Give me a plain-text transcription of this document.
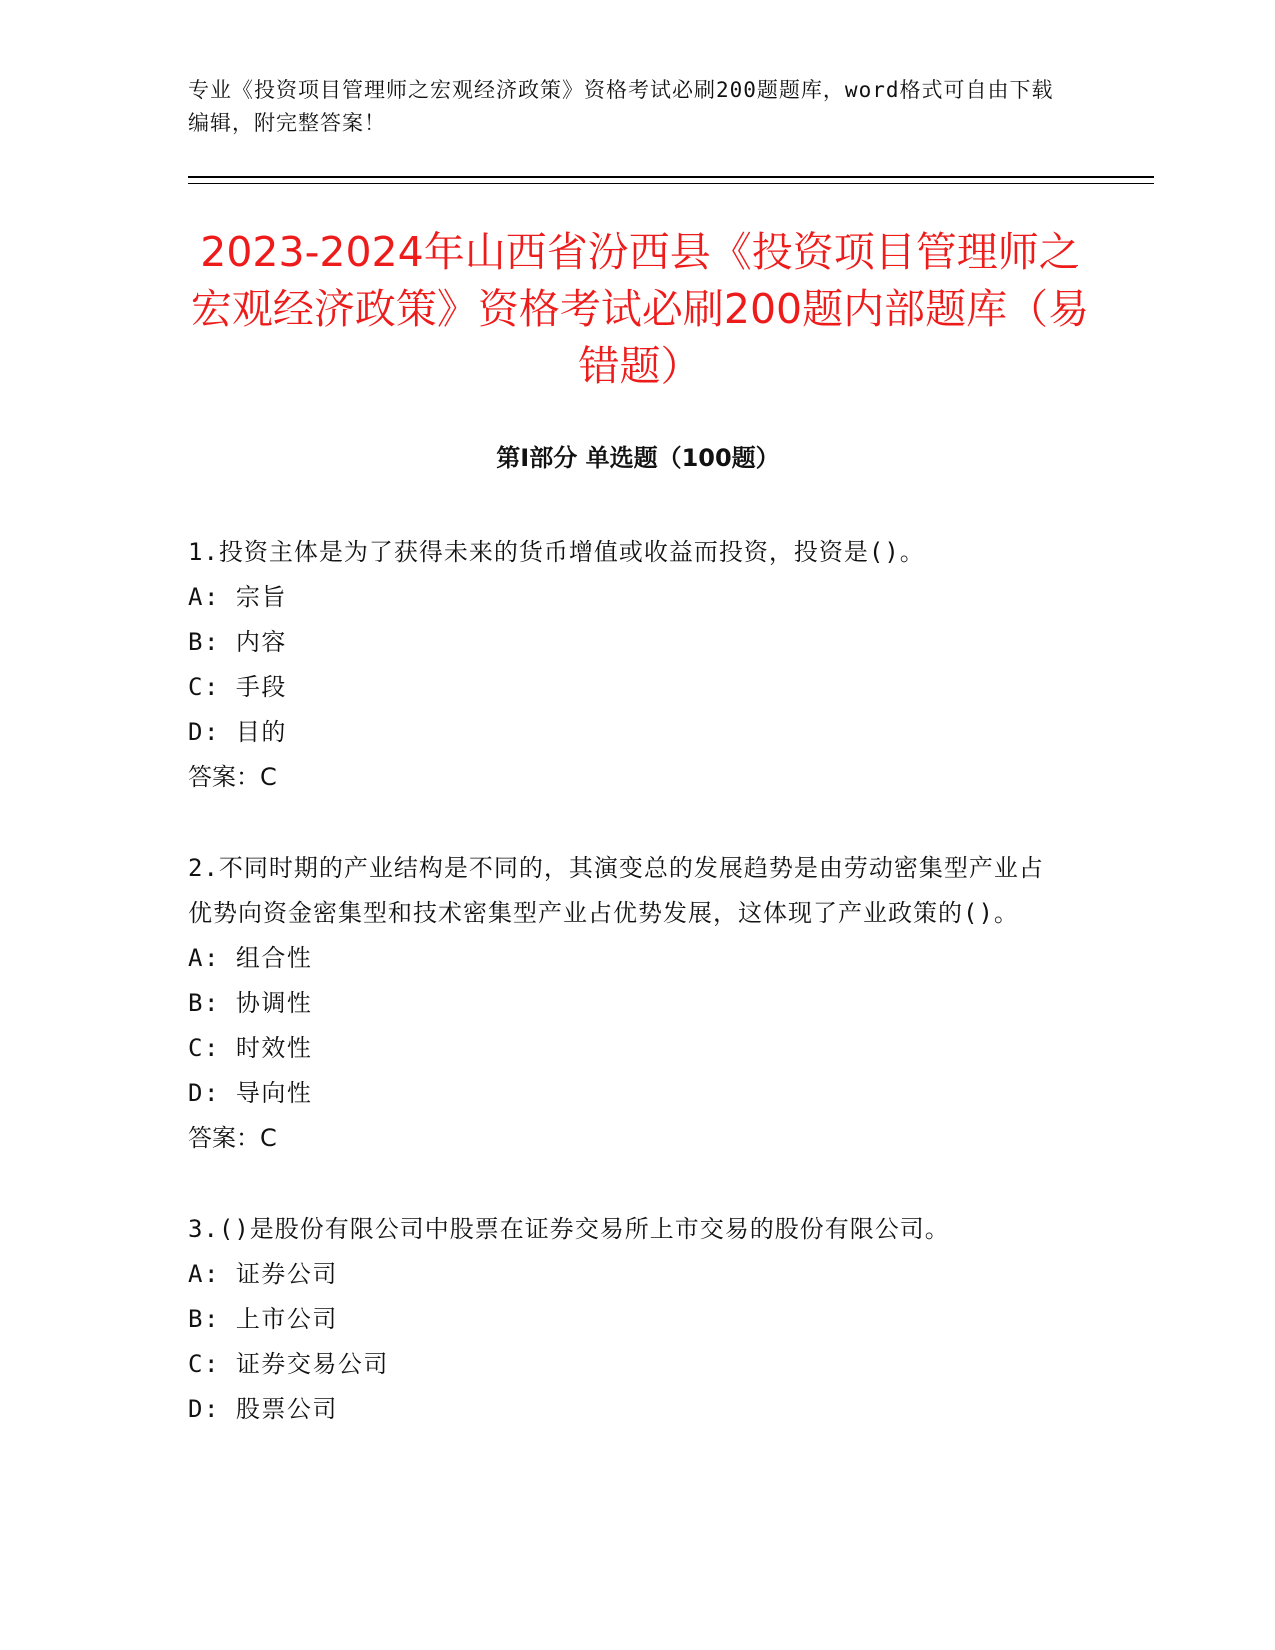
专业《投资项目管理师之宏观经济政策》资格考试必刷200题题库，word格式可自由下载编辑，附完整答案！
2023-2024年山西省汾西县《投资项目管理师之宏观经济政策》资格考试必刷200题内部题库（易错题）
第Ⅰ部分 单选题（100题）
1.投资主体是为了获得未来的货币增值或收益而投资，投资是()。
A: 宗旨
B: 内容
C: 手段
D: 目的
答案：C
2.不同时期的产业结构是不同的，其演变总的发展趋势是由劳动密集型产业占优势向资金密集型和技术密集型产业占优势发展，这体现了产业政策的()。
A: 组合性
B: 协调性
C: 时效性
D: 导向性
答案：C
3.()是股份有限公司中股票在证券交易所上市交易的股份有限公司。
A: 证券公司
B: 上市公司
C: 证券交易公司
D: 股票公司
